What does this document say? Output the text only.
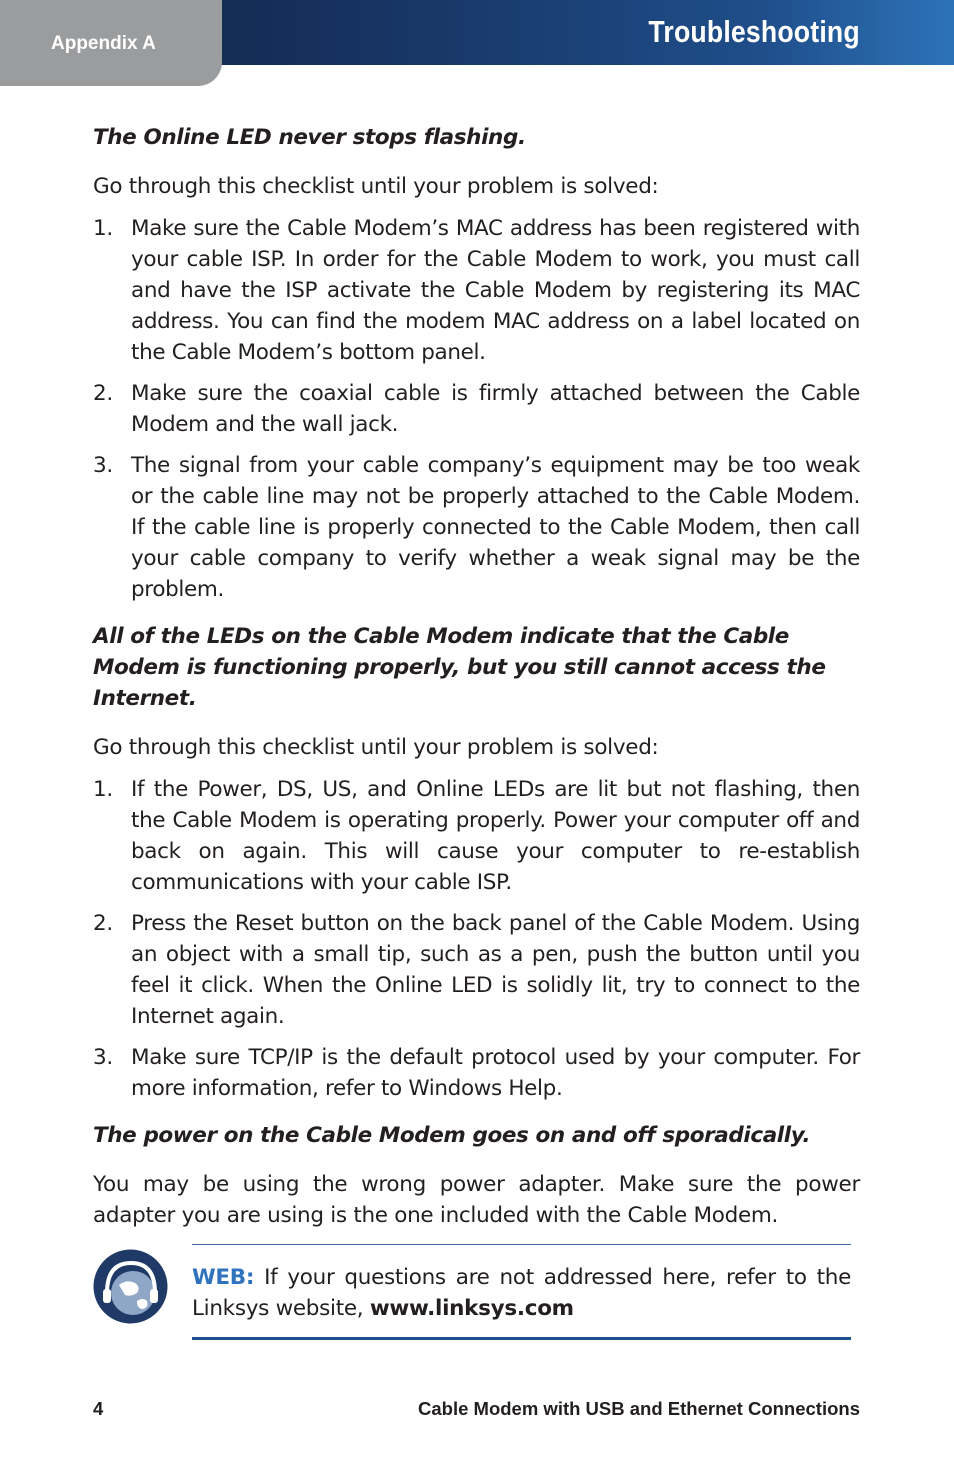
Appendix A	Troubleshooting

The Online LED never stops flashing.

Go through this checklist until your problem is solved:

1. Make sure the Cable Modem’s MAC address has been registered with your cable ISP. In order for the Cable Modem to work, you must call and have the ISP activate the Cable Modem by registering its MAC address. You can find the modem MAC address on a label located on the Cable Modem’s bottom panel.
2. Make sure the coaxial cable is firmly attached between the Cable Modem and the wall jack.
3. The signal from your cable company’s equipment may be too weak or the cable line may not be properly attached to the Cable Modem. If the cable line is properly connected to the Cable Modem, then call your cable company to verify whether a weak signal may be the problem.

All of the LEDs on the Cable Modem indicate that the Cable Modem is functioning properly, but you still cannot access the Internet.

Go through this checklist until your problem is solved:

1. If the Power, DS, US, and Online LEDs are lit but not flashing, then the Cable Modem is operating properly. Power your computer off and back on again. This will cause your computer to re-establish communications with your cable ISP.
2. Press the Reset button on the back panel of the Cable Modem. Using an object with a small tip, such as a pen, push the button until you feel it click. When the Online LED is solidly lit, try to connect to the Internet again.
3. Make sure TCP/IP is the default protocol used by your computer. For more information, refer to Windows Help.

The power on the Cable Modem goes on and off sporadically.

You may be using the wrong power adapter. Make sure the power adapter you are using is the one included with the Cable Modem.

WEB: If your questions are not addressed here, refer to the Linksys website, www.linksys.com
4	Cable Modem with USB and Ethernet Connections
